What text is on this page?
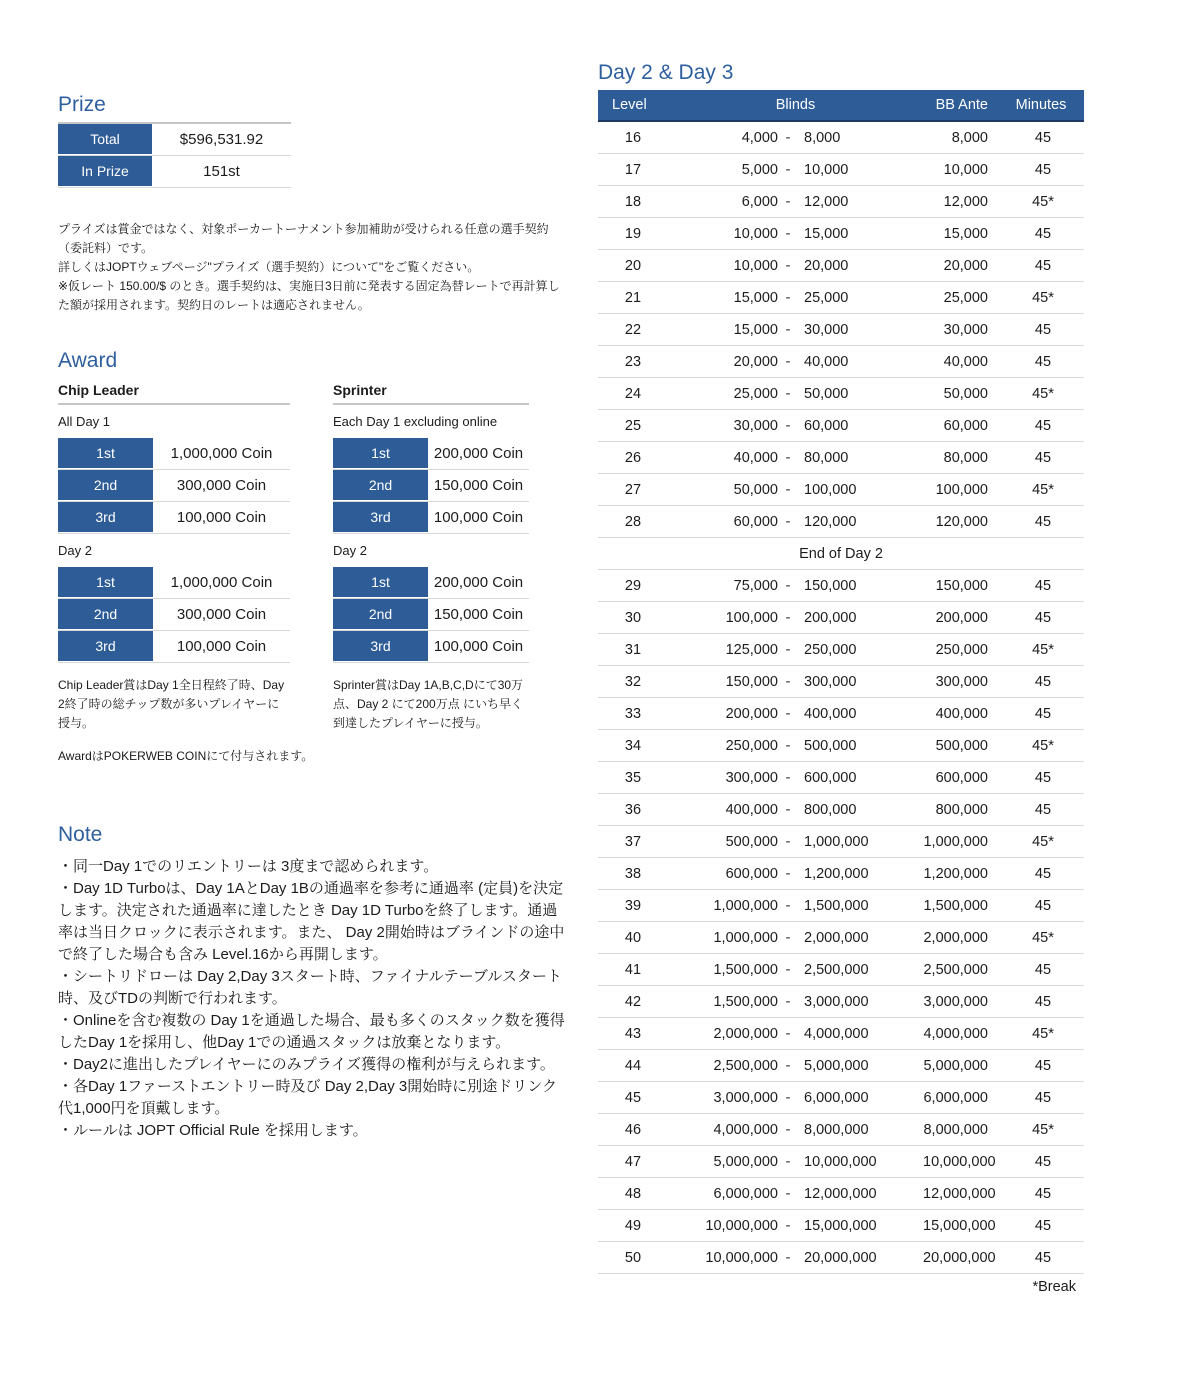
Prize
Total	$596,531.92
In Prize	151st

プライズは賞金ではなく、対象ポーカートーナメント参加補助が受けられる任意の選手契約（委託料）です。

詳しくはJOPTウェブページ"プライズ（選手契約）について"をご覧ください。

※仮レート 150.00/$ のとき。選手契約は、実施日3日前に発表する固定為替レートで再計算した額が採用されます。契約日のレートは適応されません。

Award
Chip Leader
All Day 1
1st	1,000,000 Coin
2nd	300,000 Coin
3rd	100,000 Coin
Day 2
1st	1,000,000 Coin
2nd	300,000 Coin
3rd	100,000 Coin
Chip Leader賞はDay 1全日程終了時、Day 2終了時の総チップ数が多いプレイヤーに授与。
Sprinter
Each Day 1 excluding online
1st	200,000 Coin
2nd	150,000 Coin
3rd	100,000 Coin
Day 2
1st	200,000 Coin
2nd	150,000 Coin
3rd	100,000 Coin
Sprinter賞はDay 1A,B,C,Dにて30万点、Day 2 にて200万点 にいち早く到達したプレイヤーに授与。
AwardはPOKERWEB COINにて付与されます。
Note

・同一Day 1でのリエントリーは 3度まで認められます。

・Day 1D Turboは、Day 1AとDay 1Bの通過率を参考に通過率 (定員)を決定します。決定された通過率に達したとき Day 1D Turboを終了します。通過率は当日クロックに表示されます。また、 Day 2開始時はブラインドの途中で終了した場合も含み Level.16から再開します。

・シートリドローは Day 2,Day 3スタート時、ファイナルテーブルスタート時、及びTDの判断で行われます。

・Onlineを含む複数の Day 1を通過した場合、最も多くのスタック数を獲得したDay 1を採用し、他Day 1での通過スタックは放棄となります。

・Day2に進出したプレイヤーにのみプライズ獲得の権利が与えられます。

・各Day 1ファーストエントリー時及び Day 2,Day 3開始時に別途ドリンク代1,000円を頂戴します。

・ルールは JOPT Official Rule を採用します。

Day 2 & Day 3
Level	Blinds	BB Ante	Minutes
16	4,000 - 8,000	8,000	45
17	5,000 - 10,000	10,000	45
18	6,000 - 12,000	12,000	45*
19	10,000 - 15,000	15,000	45
20	10,000 - 20,000	20,000	45
21	15,000 - 25,000	25,000	45*
22	15,000 - 30,000	30,000	45
23	20,000 - 40,000	40,000	45
24	25,000 - 50,000	50,000	45*
25	30,000 - 60,000	60,000	45
26	40,000 - 80,000	80,000	45
27	50,000 - 100,000	100,000	45*
28	60,000 - 120,000	120,000	45
End of Day 2
29	75,000 - 150,000	150,000	45
30	100,000 - 200,000	200,000	45
31	125,000 - 250,000	250,000	45*
32	150,000 - 300,000	300,000	45
33	200,000 - 400,000	400,000	45
34	250,000 - 500,000	500,000	45*
35	300,000 - 600,000	600,000	45
36	400,000 - 800,000	800,000	45
37	500,000 - 1,000,000	1,000,000	45*
38	600,000 - 1,200,000	1,200,000	45
39	1,000,000 - 1,500,000	1,500,000	45
40	1,000,000 - 2,000,000	2,000,000	45*
41	1,500,000 - 2,500,000	2,500,000	45
42	1,500,000 - 3,000,000	3,000,000	45
43	2,000,000 - 4,000,000	4,000,000	45*
44	2,500,000 - 5,000,000	5,000,000	45
45	3,000,000 - 6,000,000	6,000,000	45
46	4,000,000 - 8,000,000	8,000,000	45*
47	5,000,000 - 10,000,000	10,000,000	45
48	6,000,000 - 12,000,000	12,000,000	45
49	10,000,000 - 15,000,000	15,000,000	45
50	10,000,000 - 20,000,000	20,000,000	45
*Break
